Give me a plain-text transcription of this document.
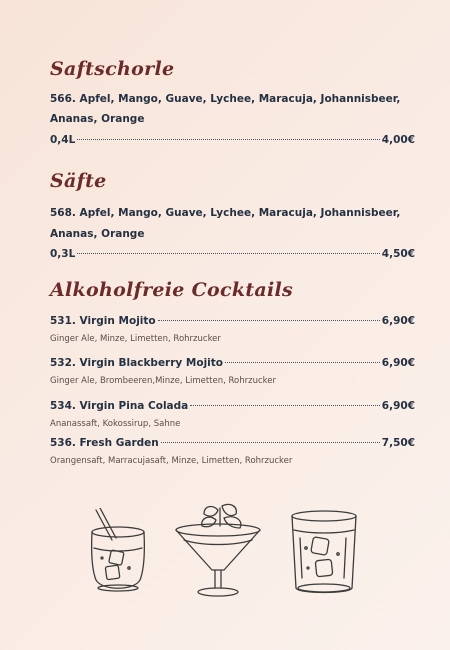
Saftschorle
566. Apfel, Mango, Guave, Lychee, Maracuja, Johannisbeer,
Ananas, Orange
0,4L	4,00€
Säfte
568. Apfel, Mango, Guave, Lychee, Maracuja, Johannisbeer,
Ananas, Orange
0,3L	4,50€
Alkoholfreie Cocktails
531. Virgin Mojito	6,90€
Ginger Ale, Minze, Limetten, Rohrzucker
532. Virgin Blackberry Mojito	6,90€
Ginger Ale, Brombeeren,Minze, Limetten, Rohrzucker
534. Virgin Pina Colada	6,90€
Ananassaft, Kokossirup, Sahne
536. Fresh Garden	7,50€
Orangensaft, Marracujasaft, Minze, Limetten, Rohrzucker
